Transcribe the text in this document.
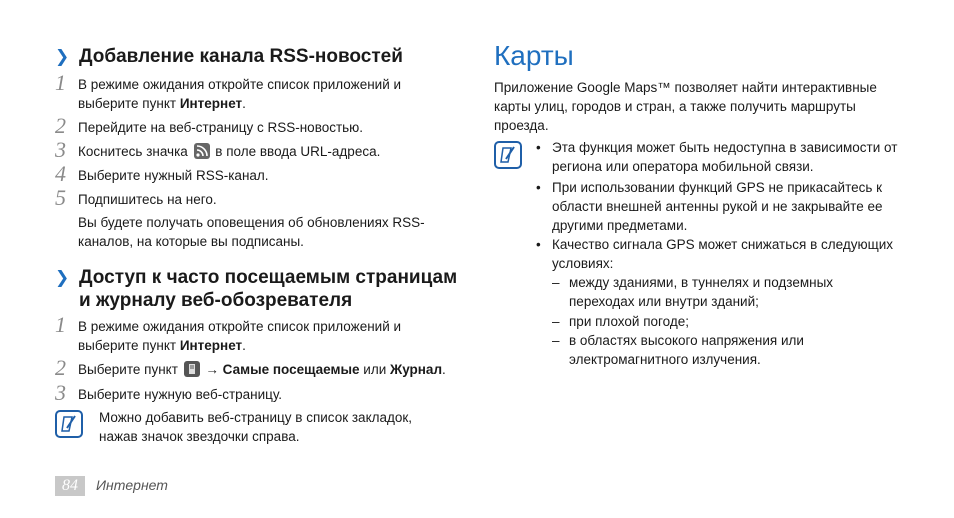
❯ Добавление канала RSS-новостей
1 В режиме ожидания откройте список приложений и выберите пункт Интернет.
2 Перейдите на веб-страницу с RSS-новостью.
3 Коснитесь значка  в поле ввода URL-адреса.
4 Выберите нужный RSS-канал.
5 Подпишитесь на него.
Вы будете получать оповещения об обновлениях RSS-каналов, на которые вы подписаны.
❯ Доступ к часто посещаемым страницам и журналу веб-обозревателя
1 В режиме ожидания откройте список приложений и выберите пункт Интернет.
2 Выберите пункт  → Самые посещаемые или Журнал.
3 Выберите нужную веб-страницу.
Можно добавить веб-страницу в список закладок, нажав значок звездочки справа.
Карты
Приложение Google Maps™ позволяет найти интерактивные карты улиц, городов и стран, а также получить маршруты проезда.
• Эта функция может быть недоступна в зависимости от региона или оператора мобильной связи.
• При использовании функций GPS не прикасайтесь к области внешней антенны рукой и не закрывайте ее другими предметами.
• Качество сигнала GPS может снижаться в следующих условиях:
– между зданиями, в туннелях и подземных переходах или внутри зданий;
– при плохой погоде;
– в областях высокого напряжения или электромагнитного излучения.
84	Интернет
